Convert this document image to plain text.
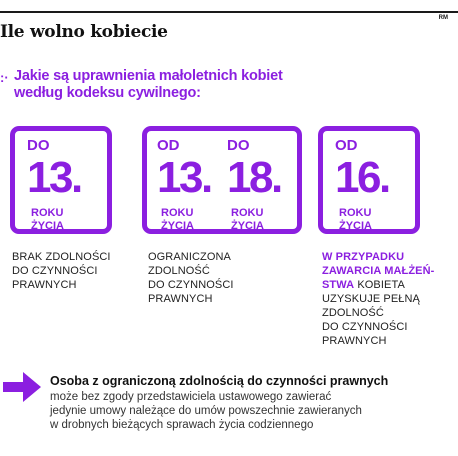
RM
Ile wolno kobiecie
:· Jakie są uprawnienia małoletnich kobiet
według kodeksu cywilnego:
DO
13.
ROKU
ŻYCIA
OD
13.
ROKU
ŻYCIA
DO
18.
ROKU
ŻYCIA
OD
16.
ROKU
ŻYCIA
BRAK ZDOLNOŚCI
DO CZYNNOŚCI
PRAWNYCH
OGRANICZONA
ZDOLNOŚĆ
DO CZYNNOŚCI
PRAWNYCH
W PRZYPADKU
ZAWARCIA MAŁŻEŃ-
STWA KOBIETA
UZYSKUJE PEŁNĄ
ZDOLNOŚĆ
DO CZYNNOŚCI
PRAWNYCH
Osoba z ograniczoną zdolnością do czynności prawnych
może bez zgody przedstawiciela ustawowego zawierać
jedynie umowy należące do umów powszechnie zawieranych
w drobnych bieżących sprawach życia codziennego
